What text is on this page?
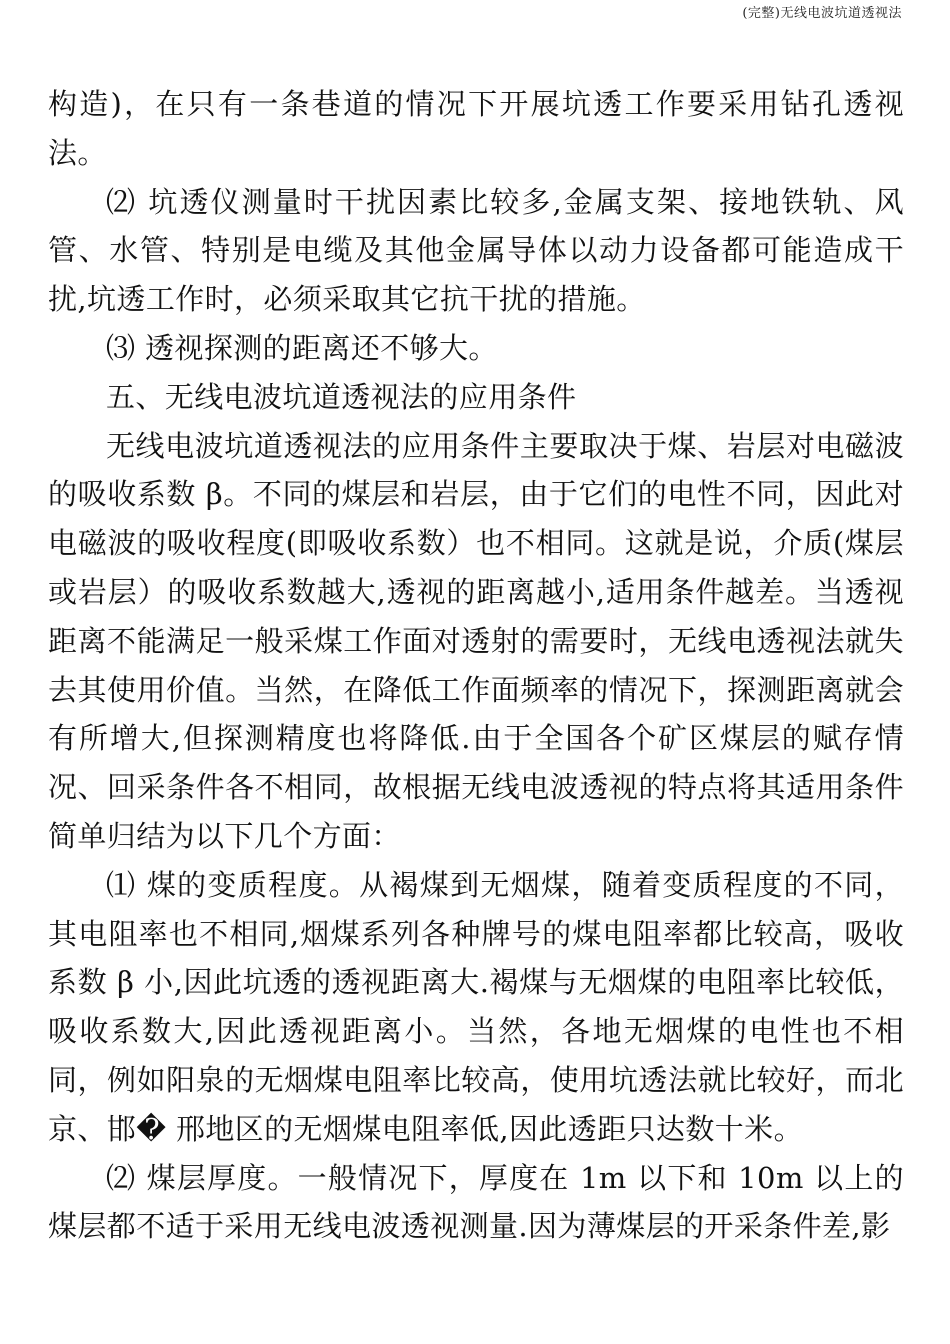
(完整)无线电波坑道透视法

构造)，在只有一条巷道的情况下开展坑透工作要采用钻孔透视法。

⑵ 坑透仪测量时干扰因素比较多,金属支架、接地铁轨、风管、水管、特别是电缆及其他金属导体以动力设备都可能造成干扰,坑透工作时，必须采取其它抗干扰的措施。

⑶ 透视探测的距离还不够大。

五、无线电波坑道透视法的应用条件

无线电波坑道透视法的应用条件主要取决于煤、岩层对电磁波的吸收系数 β。不同的煤层和岩层，由于它们的电性不同，因此对电磁波的吸收程度(即吸收系数）也不相同。这就是说，介质(煤层或岩层）的吸收系数越大,透视的距离越小,适用条件越差。当透视距离不能满足一般采煤工作面对透射的需要时，无线电透视法就失去其使用价值。当然，在降低工作面频率的情况下，探测距离就会有所增大,但探测精度也将降低.由于全国各个矿区煤层的赋存情况、回采条件各不相同，故根据无线电波透视的特点将其适用条件简单归结为以下几个方面：

⑴ 煤的变质程度。从褐煤到无烟煤，随着变质程度的不同，其电阻率也不相同,烟煤系列各种牌号的煤电阻率都比较高，吸收系数 β 小,因此坑透的透视距离大.褐煤与无烟煤的电阻率比较低，吸收系数大,因此透视距离小。当然，各地无烟煤的电性也不相同，例如阳泉的无烟煤电阻率比较高，使用坑透法就比较好，而北京、邯� 邢地区的无烟煤电阻率低,因此透距只达数十米。

⑵ 煤层厚度。一般情况下，厚度在 1m 以下和 10m 以上的煤层都不适于采用无线电波透视测量.因为薄煤层的开采条件差,影
